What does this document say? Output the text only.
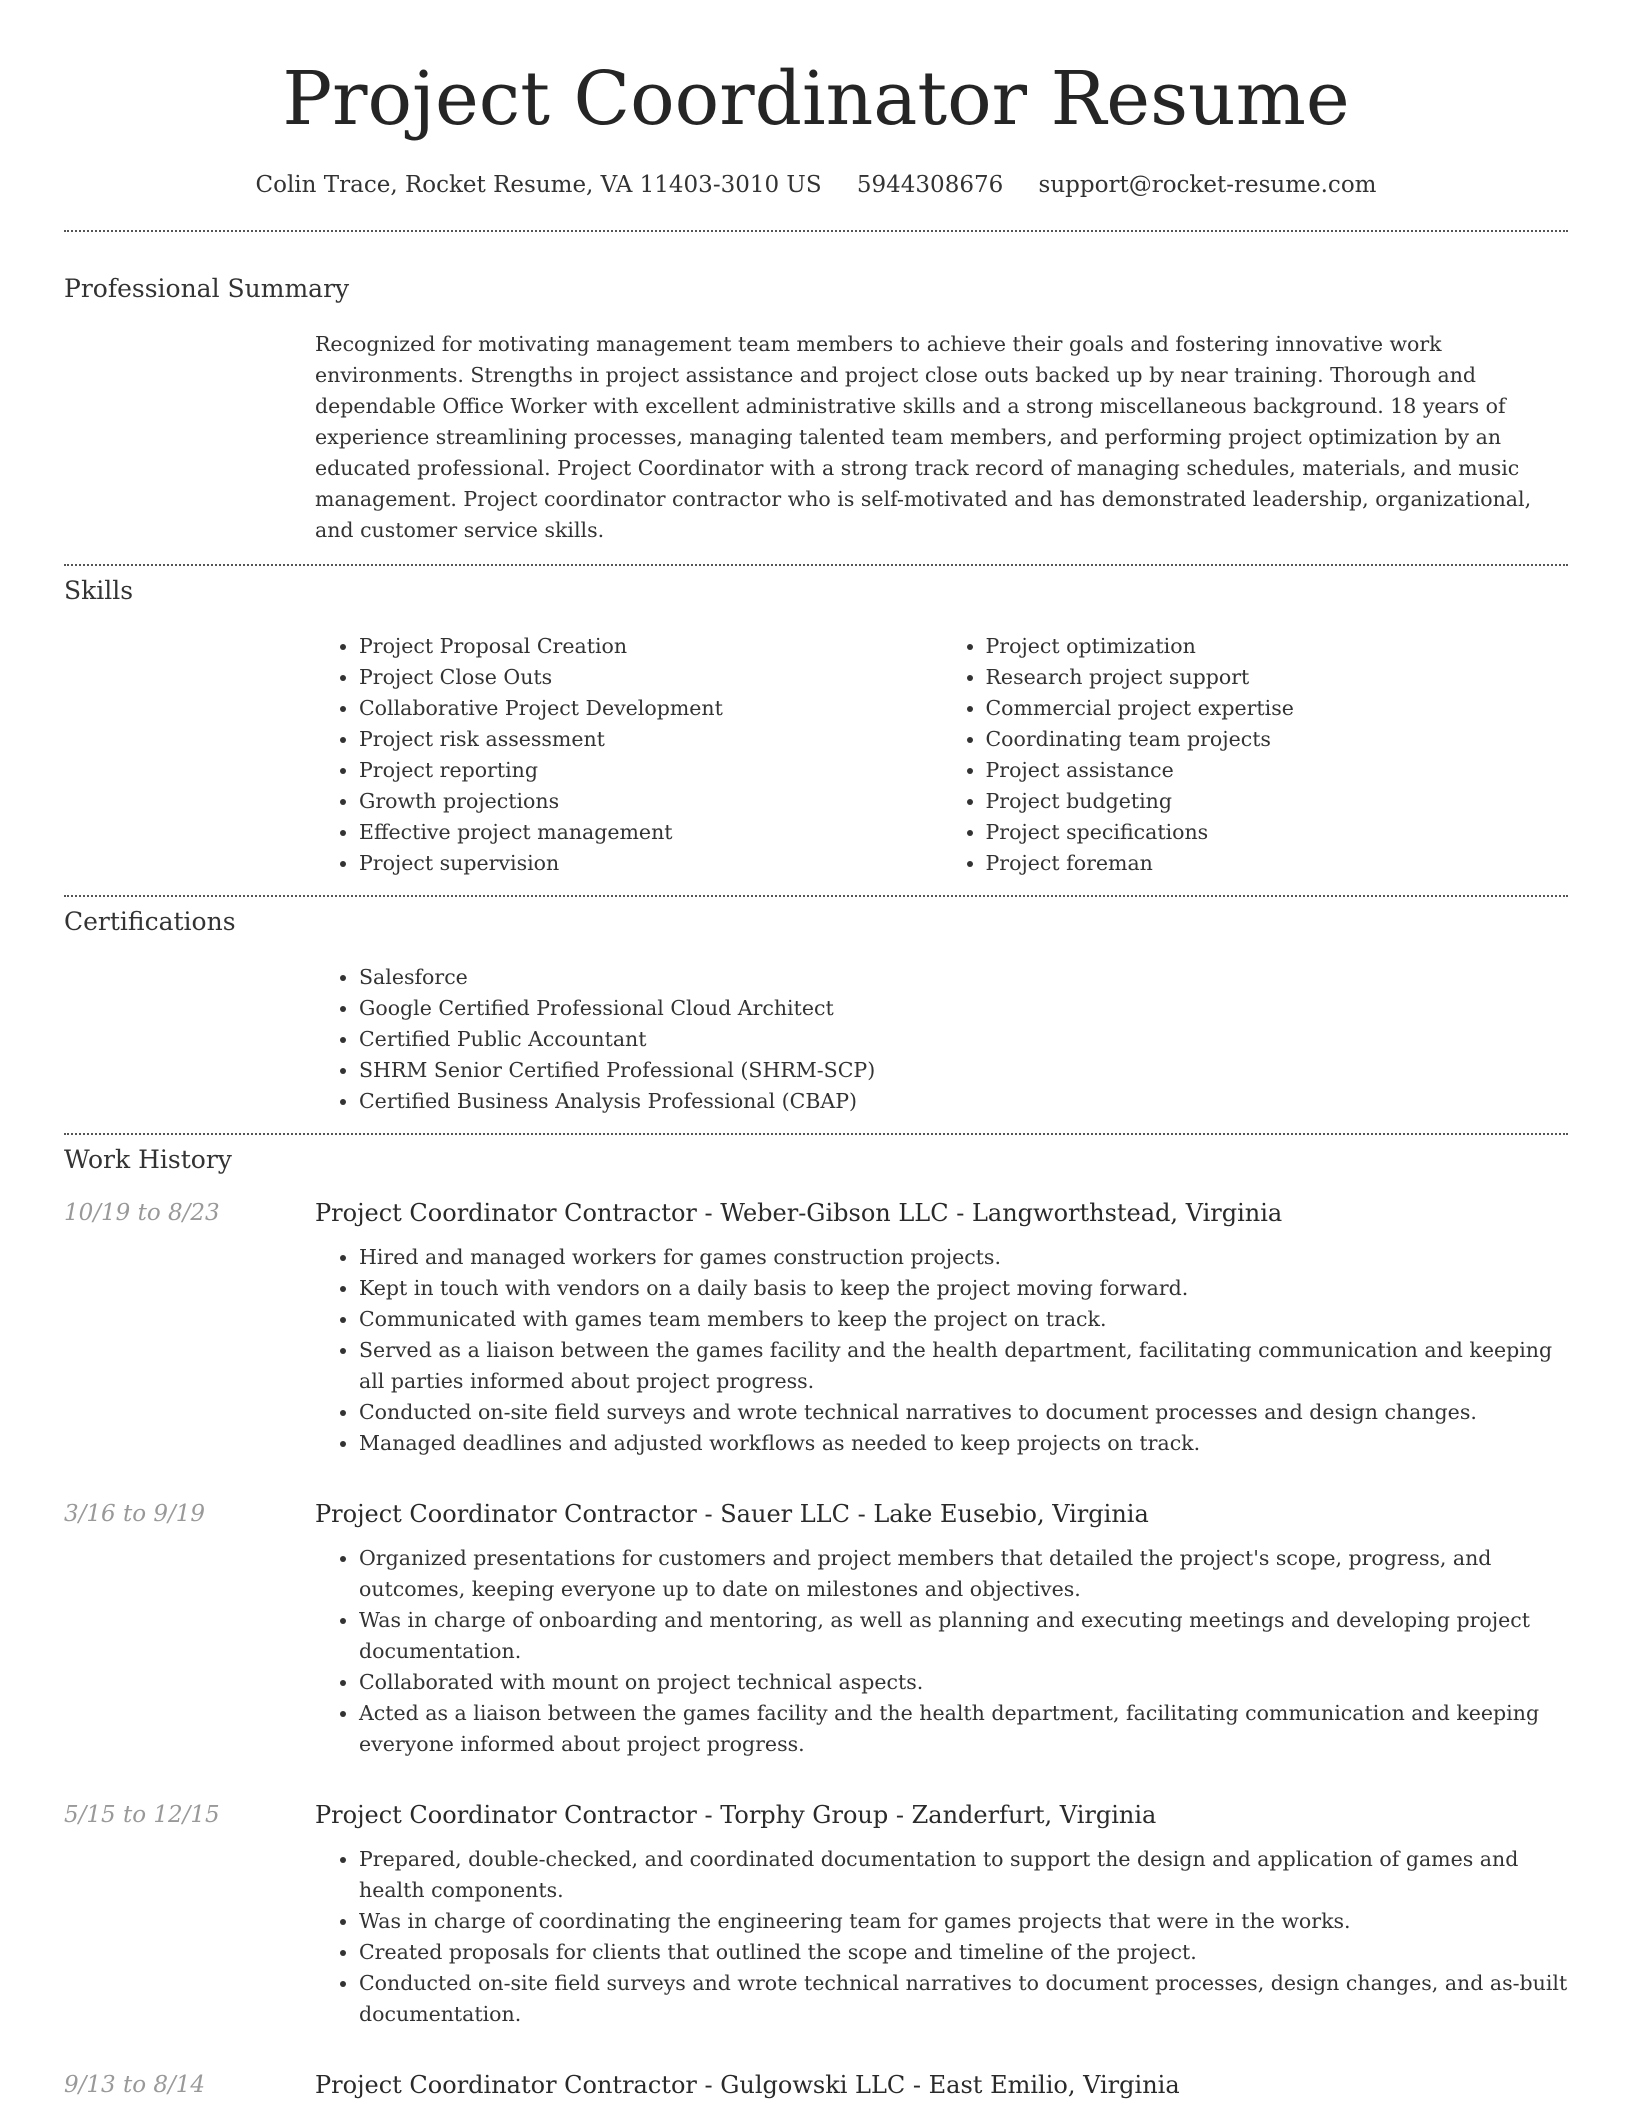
Project Coordinator Resume
Colin Trace, Rocket Resume, VA 11403-3010 US 5944308676 support@rocket-resume.com
Professional Summary
Recognized for motivating management team members to achieve their goals and fostering innovative work environments. Strengths in project assistance and project close outs backed up by near training. Thorough and dependable Office Worker with excellent administrative skills and a strong miscellaneous background. 18 years of experience streamlining processes, managing talented team members, and performing project optimization by an educated professional. Project Coordinator with a strong track record of managing schedules, materials, and music management. Project coordinator contractor who is self-motivated and has demonstrated leadership, organizational, and customer service skills.
Skills
• Project Proposal Creation
• Project Close Outs
• Collaborative Project Development
• Project risk assessment
• Project reporting
• Growth projections
• Effective project management
• Project supervision
• Project optimization
• Research project support
• Commercial project expertise
• Coordinating team projects
• Project assistance
• Project budgeting
• Project specifications
• Project foreman
Certifications
• Salesforce
• Google Certified Professional Cloud Architect
• Certified Public Accountant
• SHRM Senior Certified Professional (SHRM-SCP)
• Certified Business Analysis Professional (CBAP)
Work History
10/19 to 8/23	Project Coordinator Contractor - Weber-Gibson LLC - Langworthstead, Virginia
• Hired and managed workers for games construction projects.
• Kept in touch with vendors on a daily basis to keep the project moving forward.
• Communicated with games team members to keep the project on track.
• Served as a liaison between the games facility and the health department, facilitating communication and keeping all parties informed about project progress.
• Conducted on-site field surveys and wrote technical narratives to document processes and design changes.
• Managed deadlines and adjusted workflows as needed to keep projects on track.
3/16 to 9/19	Project Coordinator Contractor - Sauer LLC - Lake Eusebio, Virginia
• Organized presentations for customers and project members that detailed the project's scope, progress, and outcomes, keeping everyone up to date on milestones and objectives.
• Was in charge of onboarding and mentoring, as well as planning and executing meetings and developing project documentation.
• Collaborated with mount on project technical aspects.
• Acted as a liaison between the games facility and the health department, facilitating communication and keeping everyone informed about project progress.
5/15 to 12/15	Project Coordinator Contractor - Torphy Group - Zanderfurt, Virginia
• Prepared, double-checked, and coordinated documentation to support the design and application of games and health components.
• Was in charge of coordinating the engineering team for games projects that were in the works.
• Created proposals for clients that outlined the scope and timeline of the project.
• Conducted on-site field surveys and wrote technical narratives to document processes, design changes, and as-built documentation.
9/13 to 8/14	Project Coordinator Contractor - Gulgowski LLC - East Emilio, Virginia
